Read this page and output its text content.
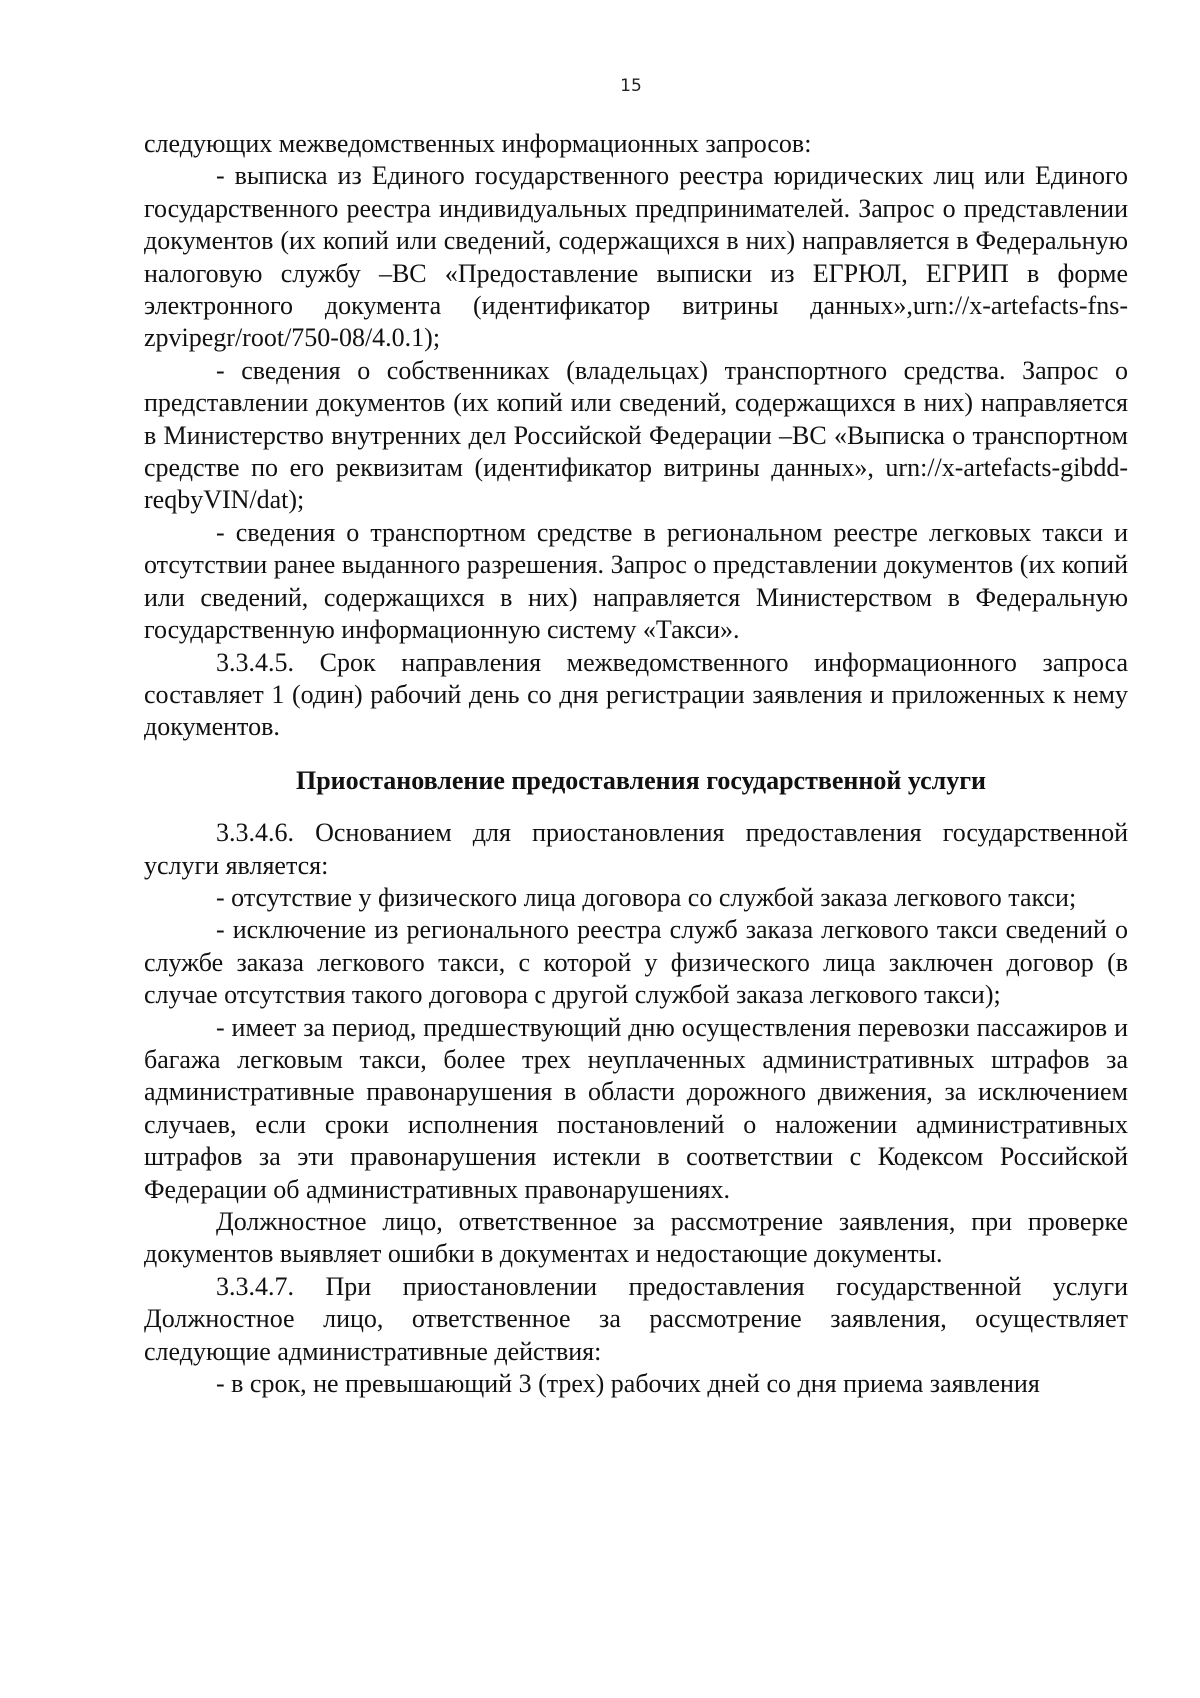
15

следующих межведомственных информационных запросов:

- выписка из Единого государственного реестра юридических лиц или Единого государственного реестра индивидуальных предпринимателей. Запрос о представлении документов (их копий или сведений, содержащихся в них) направляется в Федеральную налоговую службу –ВС «Предоставление выписки из ЕГРЮЛ, ЕГРИП в форме электронного документа (идентификатор витрины данных»,urn://x-artefacts-fns-zpvipegr/root/750-08/4.0.1);

- сведения о собственниках (владельцах) транспортного средства. Запрос о представлении документов (их копий или сведений, содержащихся в них) направляется в Министерство внутренних дел Российской Федерации –ВС «Выписка о транспортном средстве по его реквизитам (идентификатор витрины данных», urn://x-artefacts-gibdd-reqbyVIN/dat);

- сведения о транспортном средстве в региональном реестре легковых такси и отсутствии ранее выданного разрешения. Запрос о представлении документов (их копий или сведений, содержащихся в них) направляется Министерством в Федеральную государственную информационную систему «Такси».

3.3.4.5. Срок направления межведомственного информационного запроса составляет 1 (один) рабочий день со дня регистрации заявления и приложенных к нему документов.

Приостановление предоставления государственной услуги

3.3.4.6. Основанием для приостановления предоставления государственной услуги является:

- отсутствие у физического лица договора со службой заказа легкового такси;

- исключение из регионального реестра служб заказа легкового такси сведений о службе заказа легкового такси, с которой у физического лица заключен договор (в случае отсутствия такого договора с другой службой заказа легкового такси);

- имеет за период, предшествующий дню осуществления перевозки пассажиров и багажа легковым такси, более трех неуплаченных административных штрафов за административные правонарушения в области дорожного движения, за исключением случаев, если сроки исполнения постановлений о наложении административных штрафов за эти правонарушения истекли в соответствии с Кодексом Российской Федерации об административных правонарушениях.

Должностное лицо, ответственное за рассмотрение заявления, при проверке документов выявляет ошибки в документах и недостающие документы.

3.3.4.7. При приостановлении предоставления государственной услуги Должностное лицо, ответственное за рассмотрение заявления, осуществляет следующие административные действия:

- в срок, не превышающий 3 (трех) рабочих дней со дня приема заявления
